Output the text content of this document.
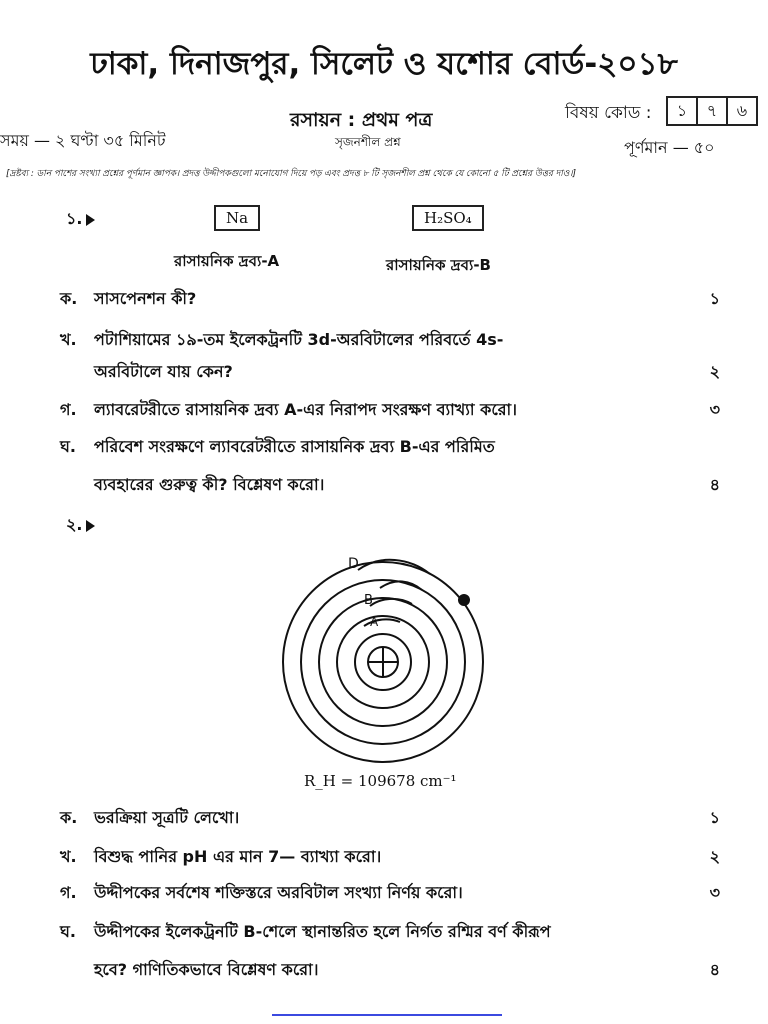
ঢাকা, দিনাজপুর, সিলেট ও যশোর বোর্ড-২০১৮
রসায়ন : প্রথম পত্র	বিষয় কোড :	১	৭	৬
সময় — ২ ঘণ্টা ৩৫ মিনিট	সৃজনশীল প্রশ্ন	পূর্ণমান — ৫০
[দ্রষ্টব্য : ডান পাশের সংখ্যা প্রশ্নের পূর্ণমান জ্ঞাপক। প্রদত্ত উদ্দীপকগুলো মনোযোগ দিয়ে পড় এবং প্রদত্ত ৮ টি সৃজনশীল প্রশ্ন থেকে যে কোনো ৫ টি প্রশ্নের উত্তর দাও।]
১.	Na	H₂SO₄
রাসায়নিক দ্রব্য-A	রাসায়নিক দ্রব্য-B
ক. সাসপেনশন কী?	১
খ. পটাশিয়ামের ১৯-তম ইলেকট্রনটি 3d-অরবিটালের পরিবর্তে 4s-
অরবিটালে যায় কেন?	২
গ. ল্যাবরেটরীতে রাসায়নিক দ্রব্য A-এর নিরাপদ সংরক্ষণ ব্যাখ্যা করো।	৩
ঘ. পরিবেশ সংরক্ষণে ল্যাবরেটরীতে রাসায়নিক দ্রব্য B-এর পরিমিত
ব্যবহারের গুরুত্ব কী? বিশ্লেষণ করো।	৪
২.
D
B
A
R_H = 109678 cm⁻¹
ক. ভরক্রিয়া সূত্রটি লেখো।	১
খ. বিশুদ্ধ পানির pH এর মান 7— ব্যাখ্যা করো।	২
গ. উদ্দীপকের সর্বশেষ শক্তিস্তরে অরবিটাল সংখ্যা নির্ণয় করো।	৩
ঘ. উদ্দীপকের ইলেকট্রনটি B-শেলে স্থানান্তরিত হলে নির্গত রশ্মির বর্ণ কীরূপ
হবে? গাণিতিকভাবে বিশ্লেষণ করো।	৪
